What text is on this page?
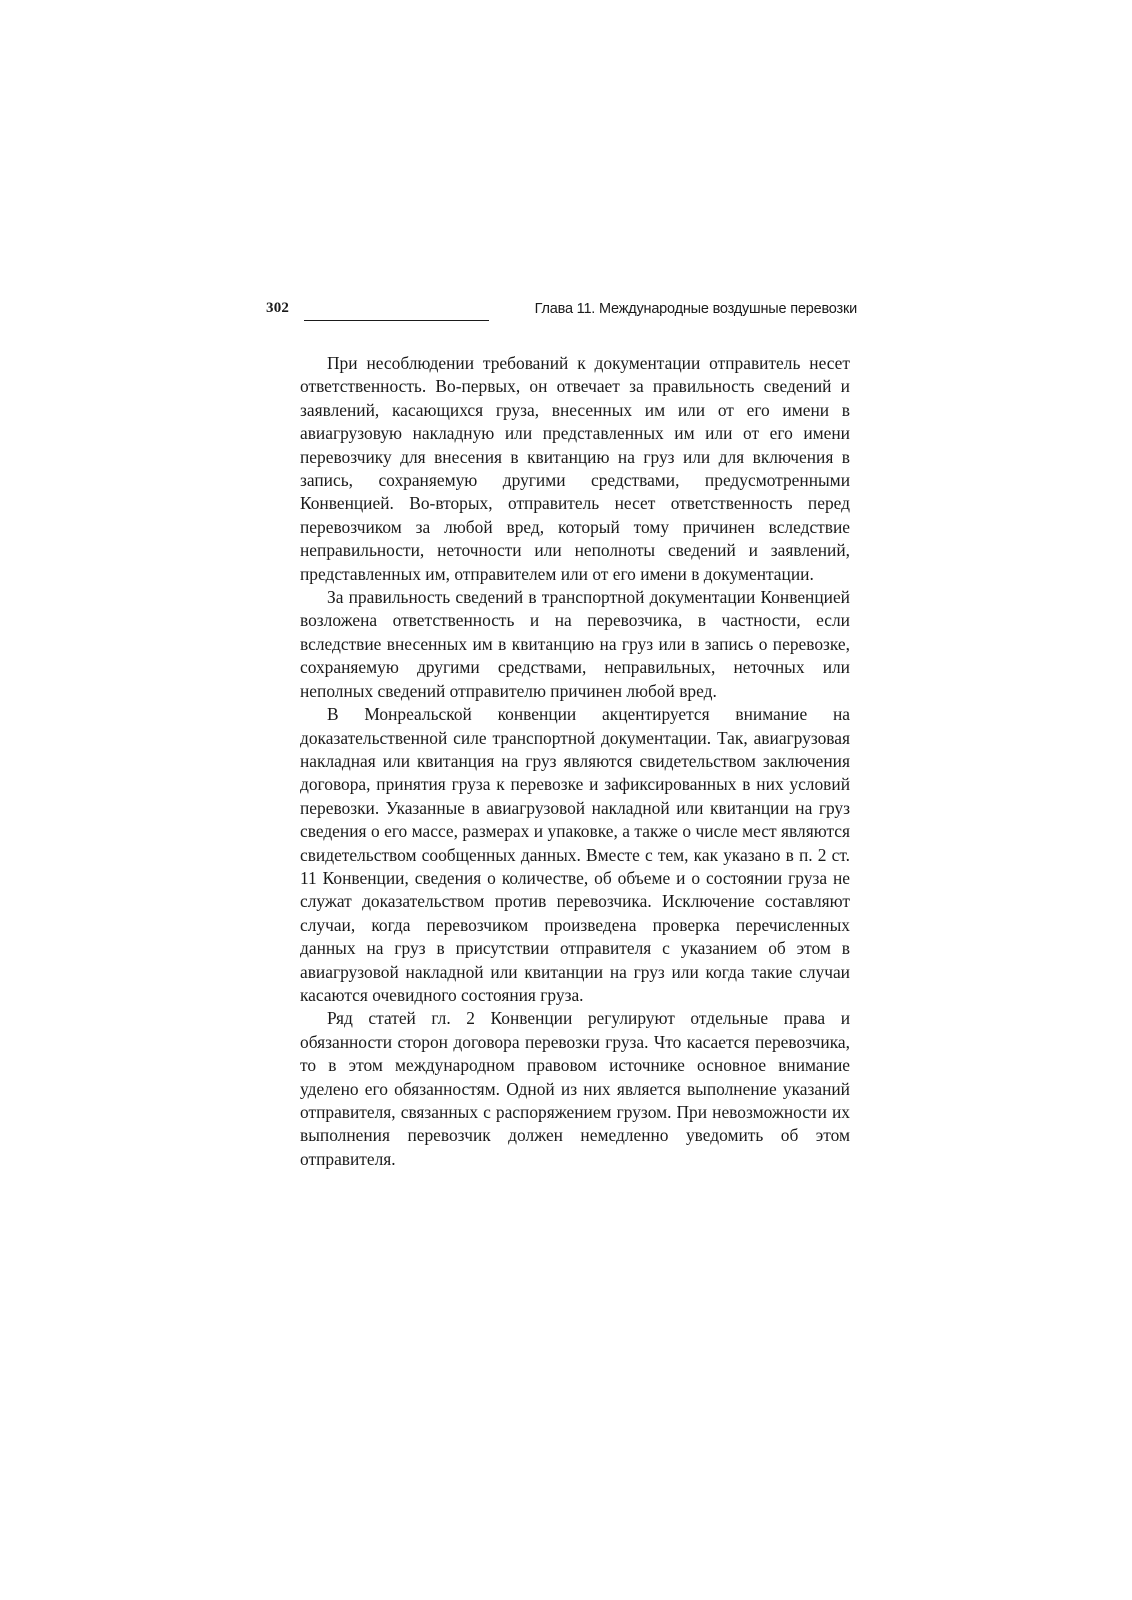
302	Глава 11. Международные воздушные перевозки

При несоблюдении требований к документации отправитель несет ответственность. Во-первых, он отвечает за правильность сведений и заявлений, касающихся груза, внесенных им или от его имени в авиагрузовую накладную или представленных им или от его имени перевозчику для внесения в квитанцию на груз или для включения в запись, сохраняемую другими средствами, предусмотренными Конвенцией. Во-вторых, отправитель несет ответственность перед перевозчиком за любой вред, который тому причинен вследствие неправильности, неточности или неполноты сведений и заявлений, представленных им, отправителем или от его имени в документации.

За правильность сведений в транспортной документации Конвенцией возложена ответственность и на перевозчика, в частности, если вследствие внесенных им в квитанцию на груз или в запись о перевозке, сохраняемую другими средствами, неправильных, неточных или неполных сведений отправителю причинен любой вред.

В Монреальской конвенции акцентируется внимание на доказательственной силе транспортной документации. Так, авиагрузовая накладная или квитанция на груз являются свидетельством заключения договора, принятия груза к перевозке и зафиксированных в них условий перевозки. Указанные в авиагрузовой накладной или квитанции на груз сведения о его массе, размерах и упаковке, а также о числе мест являются свидетельством сообщенных данных. Вместе с тем, как указано в п. 2 ст. 11 Конвенции, сведения о количестве, об объеме и о состоянии груза не служат доказательством против перевозчика. Исключение составляют случаи, когда перевозчиком произведена проверка перечисленных данных на груз в присутствии отправителя с указанием об этом в авиагрузовой накладной или квитанции на груз или когда такие случаи касаются очевидного состояния груза.

Ряд статей гл. 2 Конвенции регулируют отдельные права и обязанности сторон договора перевозки груза. Что касается перевозчика, то в этом международном правовом источнике основное внимание уделено его обязанностям. Одной из них является выполнение указаний отправителя, связанных с распоряжением грузом. При невозможности их выполнения перевозчик должен немедленно уведомить об этом отправителя.
